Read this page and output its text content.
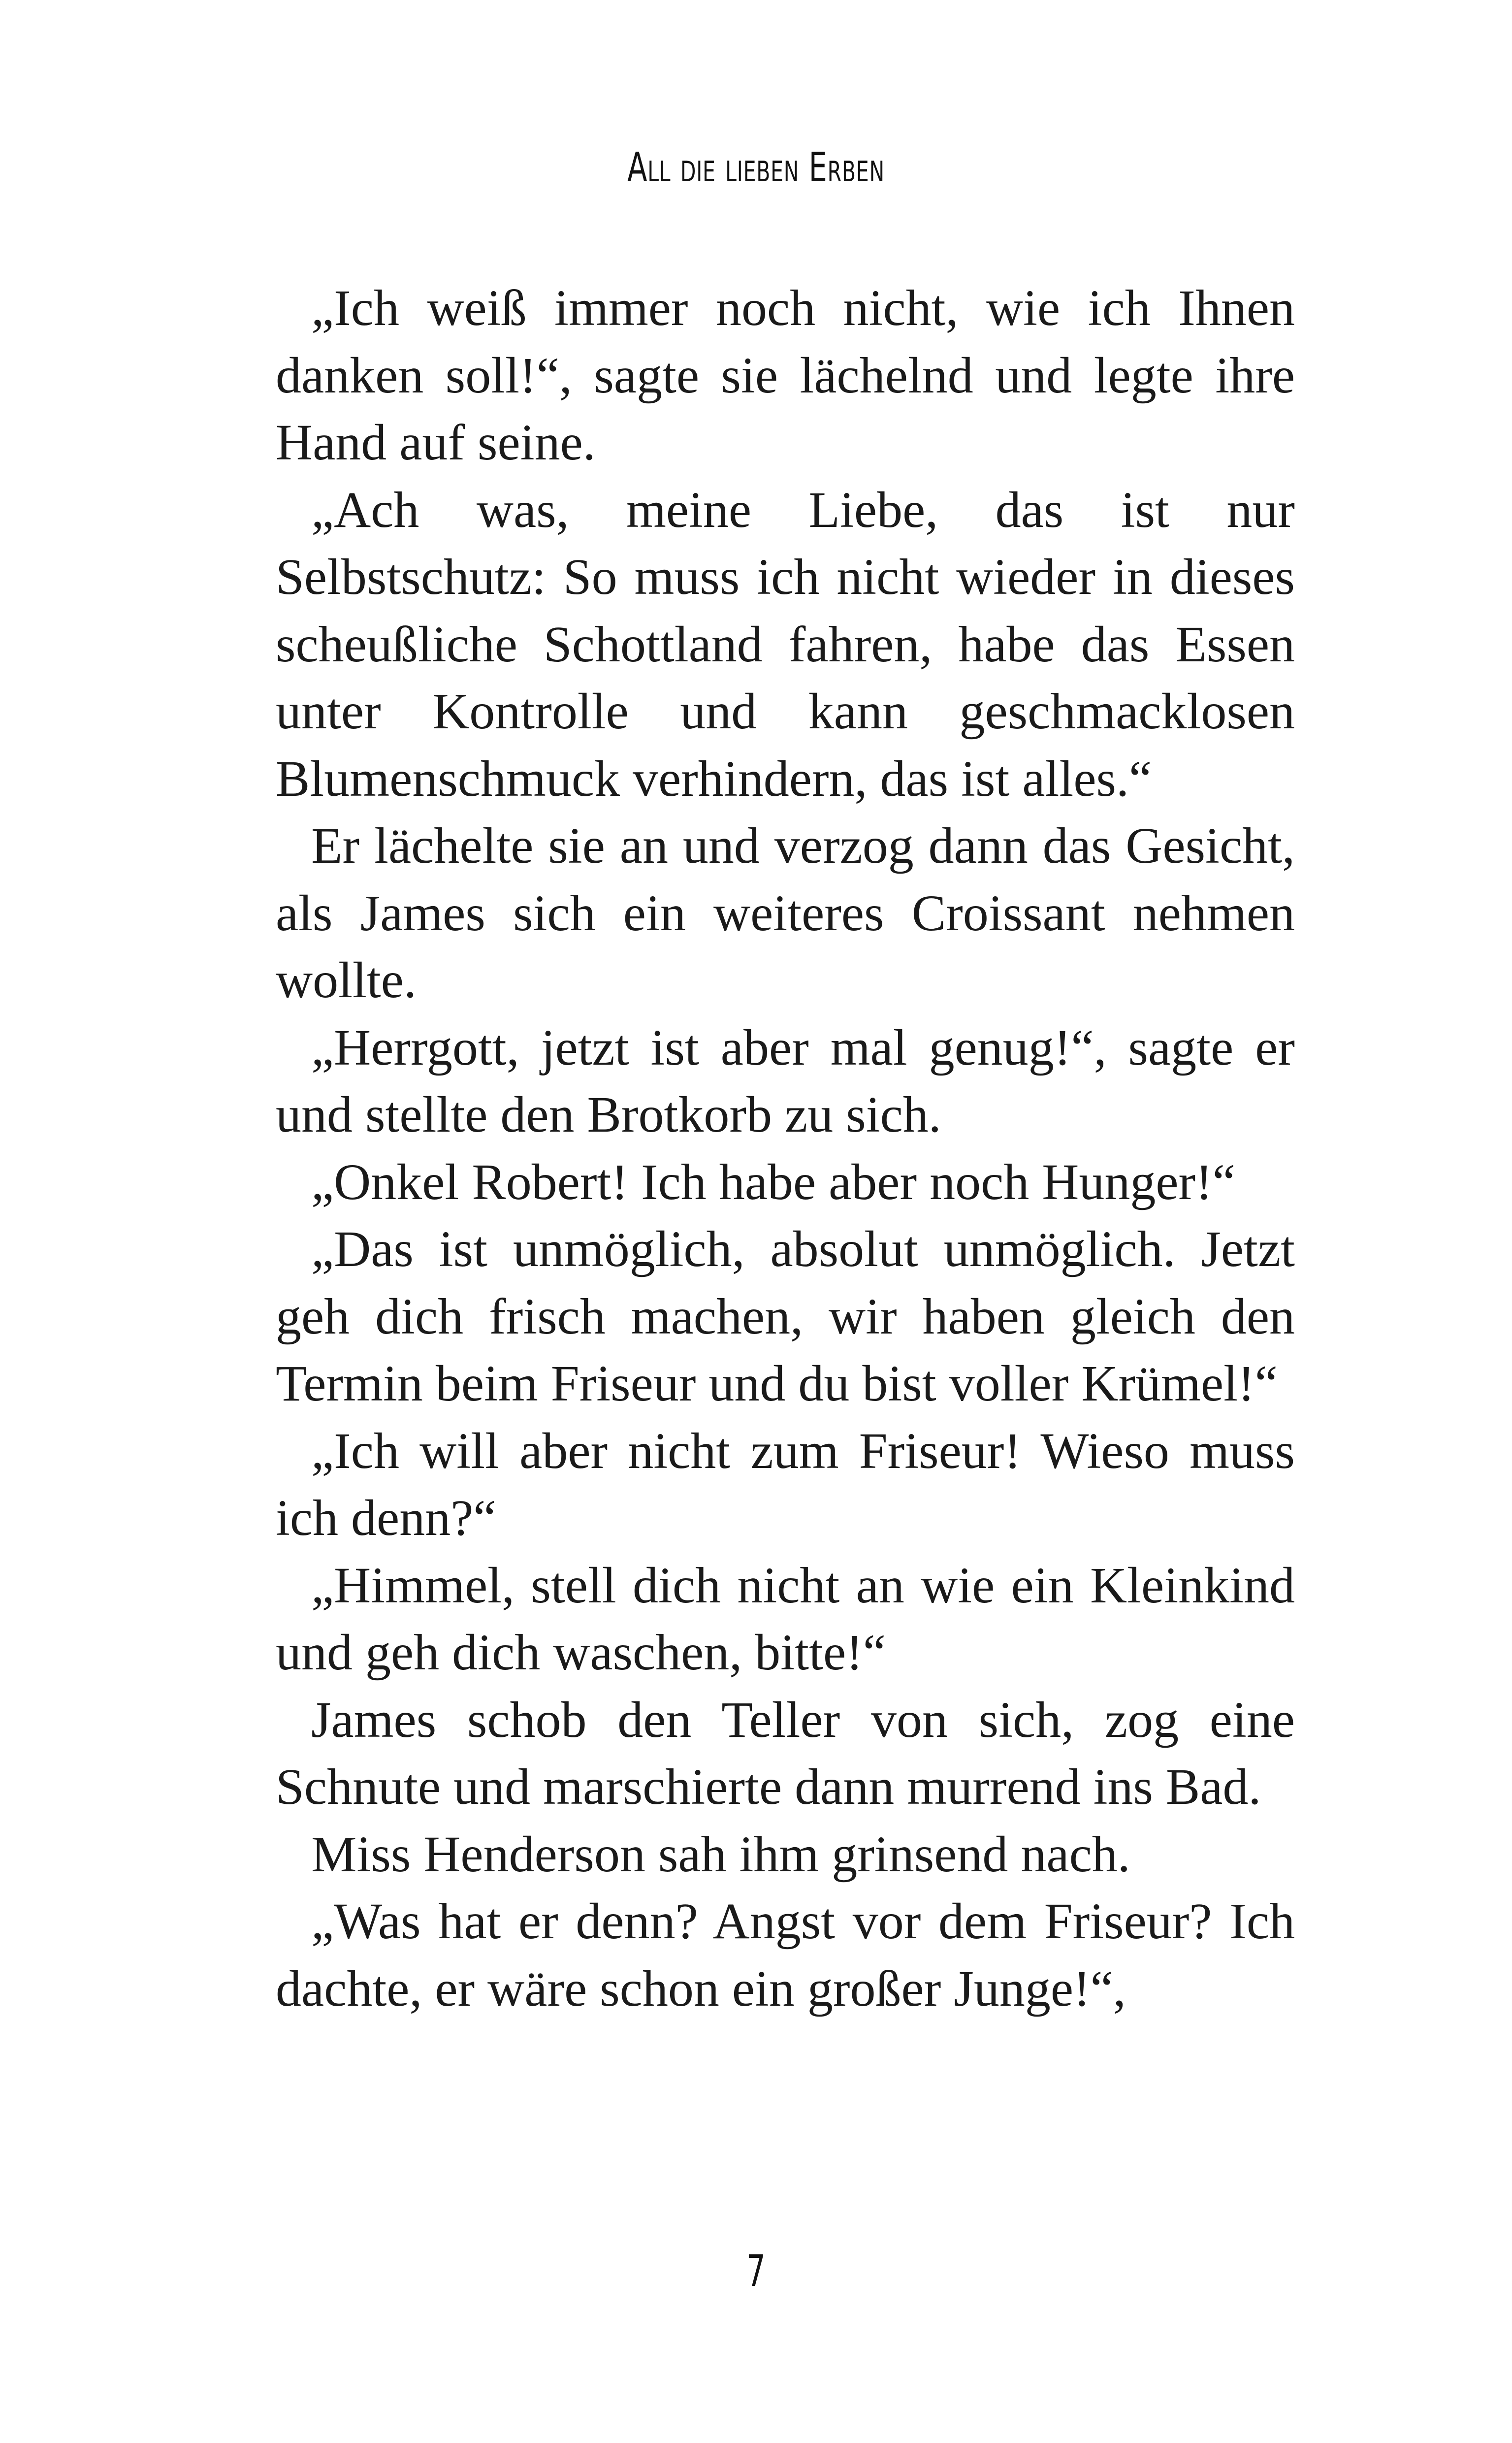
All die lieben Erben

„Ich weiß immer noch nicht, wie ich Ihnen danken soll!“, sagte sie lächelnd und legte ihre Hand auf seine.

„Ach was, meine Liebe, das ist nur Selbstschutz: So muss ich nicht wieder in dieses scheußliche Schottland fahren, habe das Essen unter Kontrolle und kann geschmacklosen Blumenschmuck verhindern, das ist alles.“

Er lächelte sie an und verzog dann das Gesicht, als James sich ein weiteres Croissant nehmen wollte.

„Herrgott, jetzt ist aber mal genug!“, sagte er und stellte den Brotkorb zu sich.

„Onkel Robert! Ich habe aber noch Hunger!“

„Das ist unmöglich, absolut unmöglich. Jetzt geh dich frisch machen, wir haben gleich den Termin beim Friseur und du bist voller Krümel!“

„Ich will aber nicht zum Friseur! Wieso muss ich denn?“

„Himmel, stell dich nicht an wie ein Kleinkind und geh dich waschen, bitte!“

James schob den Teller von sich, zog eine Schnute und marschierte dann murrend ins Bad.

Miss Henderson sah ihm grinsend nach.

„Was hat er denn? Angst vor dem Friseur? Ich dachte, er wäre schon ein großer Junge!“,

7
